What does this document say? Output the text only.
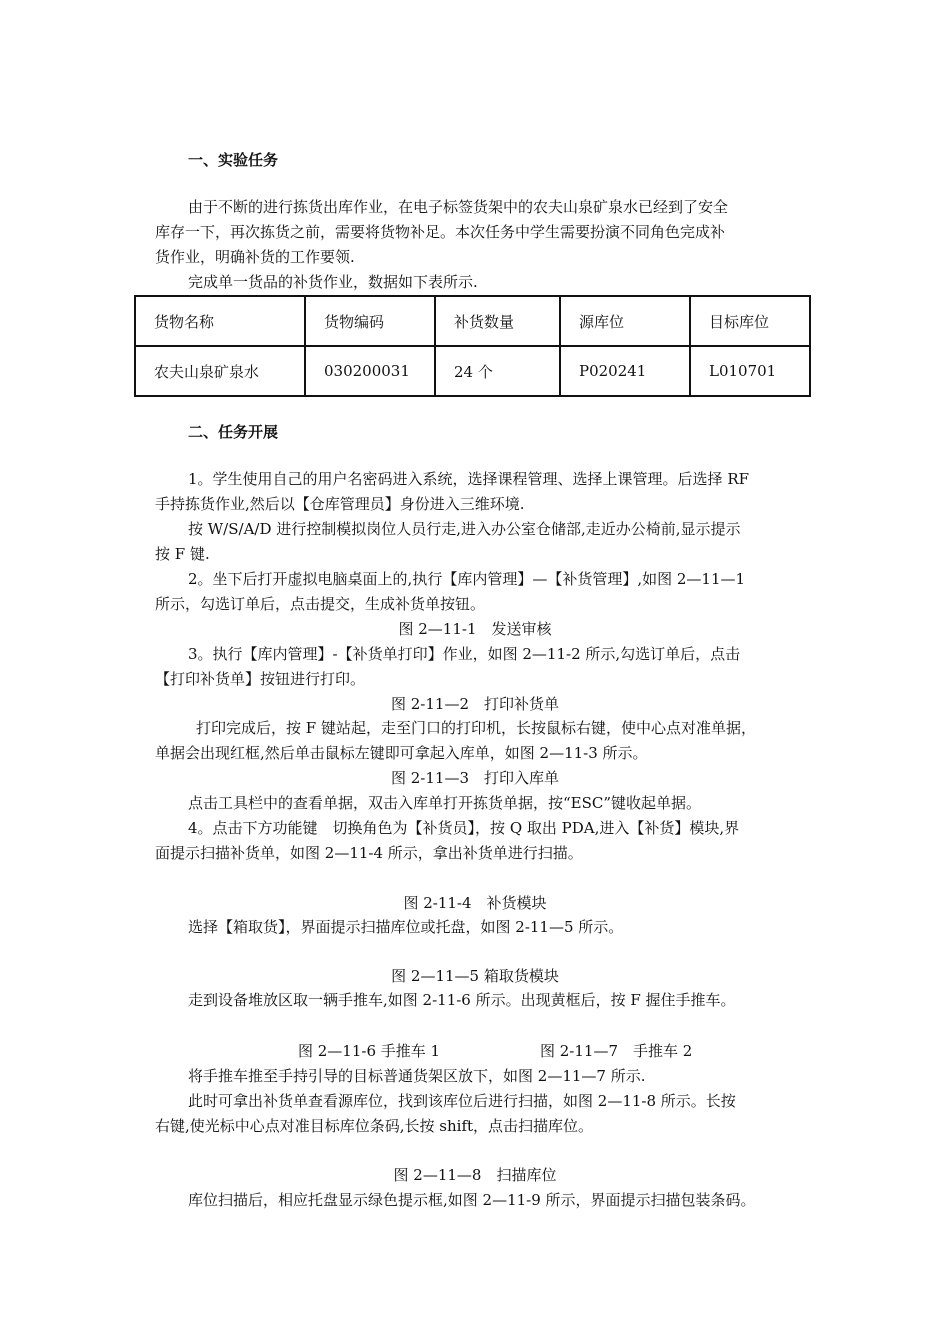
一、实验任务
由于不断的进行拣货出库作业，在电子标签货架中的农夫山泉矿泉水已经到了安全
库存一下，再次拣货之前，需要将货物补足。本次任务中学生需要扮演不同角色完成补
货作业，明确补货的工作要领.
完成单一货品的补货作业，数据如下表所示.
货物名称	货物编码	补货数量	源库位	目标库位
农夫山泉矿泉水	030200031	24 个	P020241	L010701
二、任务开展
1。学生使用自己的用户名密码进入系统，选择课程管理、选择上课管理。后选择 RF
手持拣货作业,然后以【仓库管理员】身份进入三维环境.
按 W/S/A/D 进行控制模拟岗位人员行走,进入办公室仓储部,走近办公椅前,显示提示
按 F 键.
2。坐下后打开虚拟电脑桌面上的,执行【库内管理】—【补货管理】,如图 2—11—1
所示，勾选订单后，点击提交，生成补货单按钮。
图 2—11-1　发送审核
3。执行【库内管理】-【补货单打印】作业，如图 2—11-2 所示,勾选订单后，点击
【打印补货单】按钮进行打印。
图 2-11—2　打印补货单
打印完成后，按 F 键站起，走至门口的打印机，长按鼠标右键，使中心点对准单据，
单据会出现红框,然后单击鼠标左键即可拿起入库单，如图 2—11-3 所示。
图 2-11—3　打印入库单
点击工具栏中的查看单据，双击入库单打开拣货单据，按“ESC”键收起单据。
4。点击下方功能键　切换角色为【补货员】，按 Q 取出 PDA,进入【补货】模块,界
面提示扫描补货单，如图 2—11-4 所示，拿出补货单进行扫描。
图 2-11-4　补货模块
选择【箱取货】，界面提示扫描库位或托盘，如图 2-11—5 所示。
图 2—11—5 箱取货模块
走到设备堆放区取一辆手推车,如图 2-11-6 所示。出现黄框后，按 F 握住手推车。
图 2—11-6 手推车 1	图 2-11—7　手推车 2
将手推车推至手持引导的目标普通货架区放下，如图 2—11—7 所示.
此时可拿出补货单查看源库位，找到该库位后进行扫描，如图 2—11-8 所示。长按
右键,使光标中心点对准目标库位条码,长按 shift，点击扫描库位。
图 2—11—8　扫描库位
库位扫描后，相应托盘显示绿色提示框,如图 2—11-9 所示，界面提示扫描包装条码。
